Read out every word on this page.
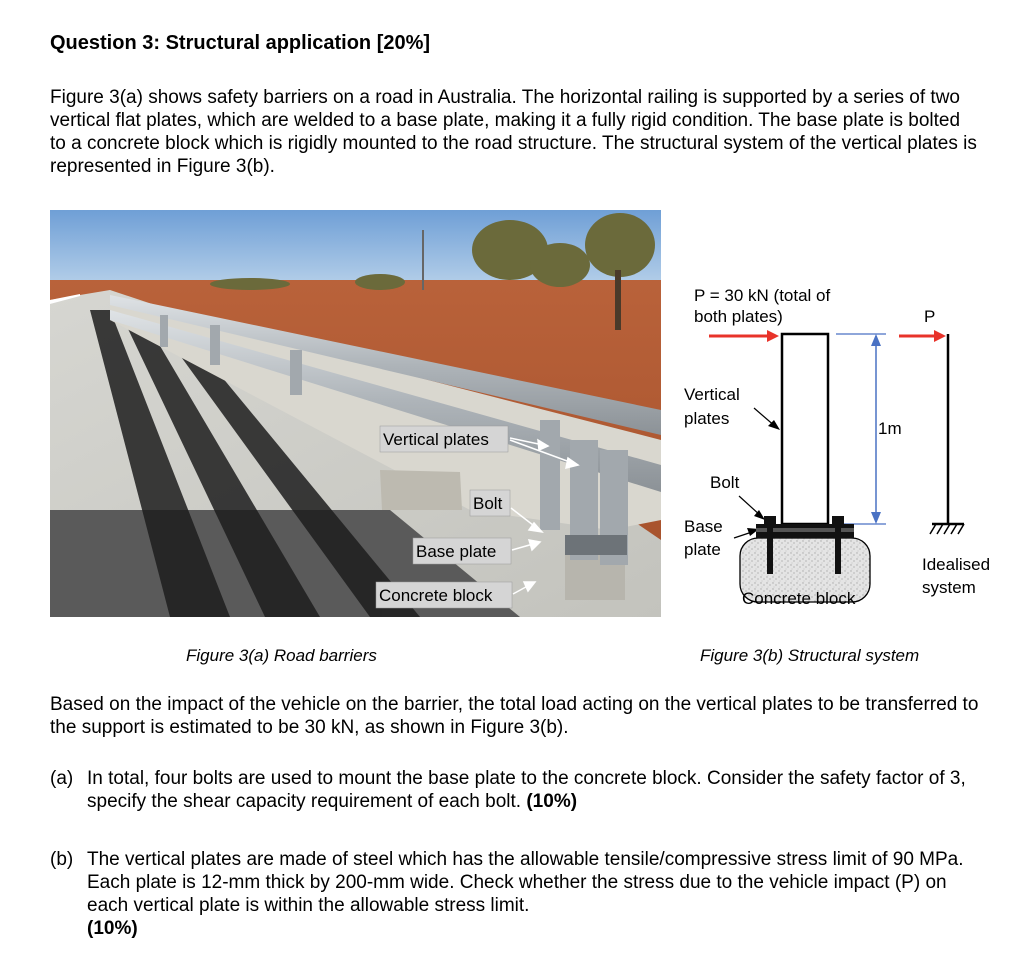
Question 3: Structural application [20%]
Figure 3(a) shows safety barriers on a road in Australia. The horizontal railing is supported by a series of two vertical flat plates, which are welded to a base plate, making it a fully rigid condition. The base plate is bolted to a concrete block which is rigidly mounted to the road structure. The structural system of the vertical plates is represented in Figure 3(b).
Vertical plates
Bolt
Base plate
Concrete block
P = 30 kN (total of
both plates)	P
1m
Vertical
plates
Bolt
Base
plate
Concrete block
Idealised
system
Figure 3(a) Road barriers	Figure 3(b) Structural system
Based on the impact of the vehicle on the barrier, the total load acting on the vertical plates to be transferred to the support is estimated to be 30 kN, as shown in Figure 3(b).
(a) In total, four bolts are used to mount the base plate to the concrete block. Consider the safety factor of 3, specify the shear capacity requirement of each bolt. (10%)
(b) The vertical plates are made of steel which has the allowable tensile/compressive stress limit of 90 MPa. Each plate is 12-mm thick by 200-mm wide. Check whether the stress due to the vehicle impact (P) on each vertical plate is within the allowable stress limit.
(10%)
